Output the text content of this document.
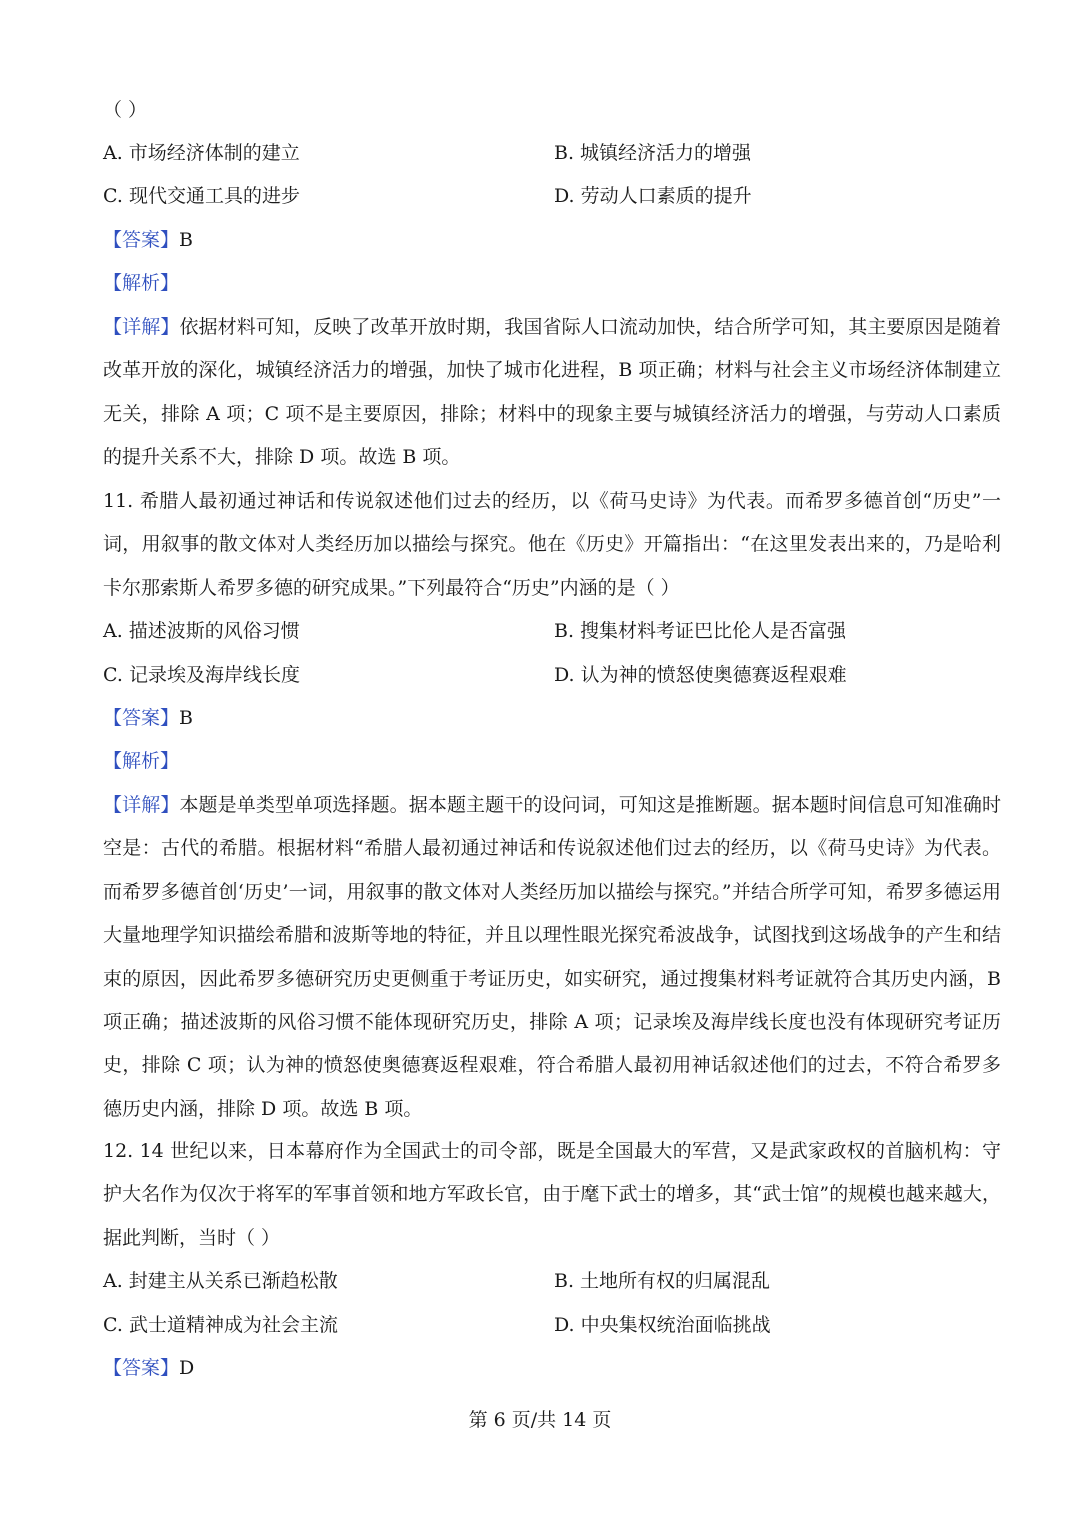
（ ）
A. 市场经济体制的建立	B. 城镇经济活力的增强
C. 现代交通工具的进步	D. 劳动人口素质的提升
【答案】B
【解析】
【详解】依据材料可知，反映了改革开放时期，我国省际人口流动加快，结合所学可知，其主要原因是随着改革开放的深化，城镇经济活力的增强，加快了城市化进程，B 项正确；材料与社会主义市场经济体制建立无关，排除 A 项；C 项不是主要原因，排除；材料中的现象主要与城镇经济活力的增强，与劳动人口素质的提升关系不大，排除 D 项。故选 B 项。
11. 希腊人最初通过神话和传说叙述他们过去的经历，以《荷马史诗》为代表。而希罗多德首创“历史”一词，用叙事的散文体对人类经历加以描绘与探究。他在《历史》开篇指出：“在这里发表出来的，乃是哈利卡尔那索斯人希罗多德的研究成果。”下列最符合“历史”内涵的是（ ）
A. 描述波斯的风俗习惯	B. 搜集材料考证巴比伦人是否富强
C. 记录埃及海岸线长度	D. 认为神的愤怒使奥德赛返程艰难
【答案】B
【解析】
【详解】本题是单类型单项选择题。据本题主题干的设问词，可知这是推断题。据本题时间信息可知准确时空是：古代的希腊。根据材料“希腊人最初通过神话和传说叙述他们过去的经历，以《荷马史诗》为代表。而希罗多德首创‘历史’一词，用叙事的散文体对人类经历加以描绘与探究。”并结合所学可知，希罗多德运用大量地理学知识描绘希腊和波斯等地的特征，并且以理性眼光探究希波战争，试图找到这场战争的产生和结束的原因，因此希罗多德研究历史更侧重于考证历史，如实研究，通过搜集材料考证就符合其历史内涵，B 项正确；描述波斯的风俗习惯不能体现研究历史，排除 A 项；记录埃及海岸线长度也没有体现研究考证历史，排除 C 项；认为神的愤怒使奥德赛返程艰难，符合希腊人最初用神话叙述他们的过去，不符合希罗多德历史内涵，排除 D 项。故选 B 项。
12. 14 世纪以来，日本幕府作为全国武士的司令部，既是全国最大的军营，又是武家政权的首脑机构：守护大名作为仅次于将军的军事首领和地方军政长官，由于麾下武士的增多，其“武士馆”的规模也越来越大，据此判断，当时（ ）
A. 封建主从关系已渐趋松散	B. 土地所有权的归属混乱
C. 武士道精神成为社会主流	D. 中央集权统治面临挑战
【答案】D
第 6 页/共 14 页
